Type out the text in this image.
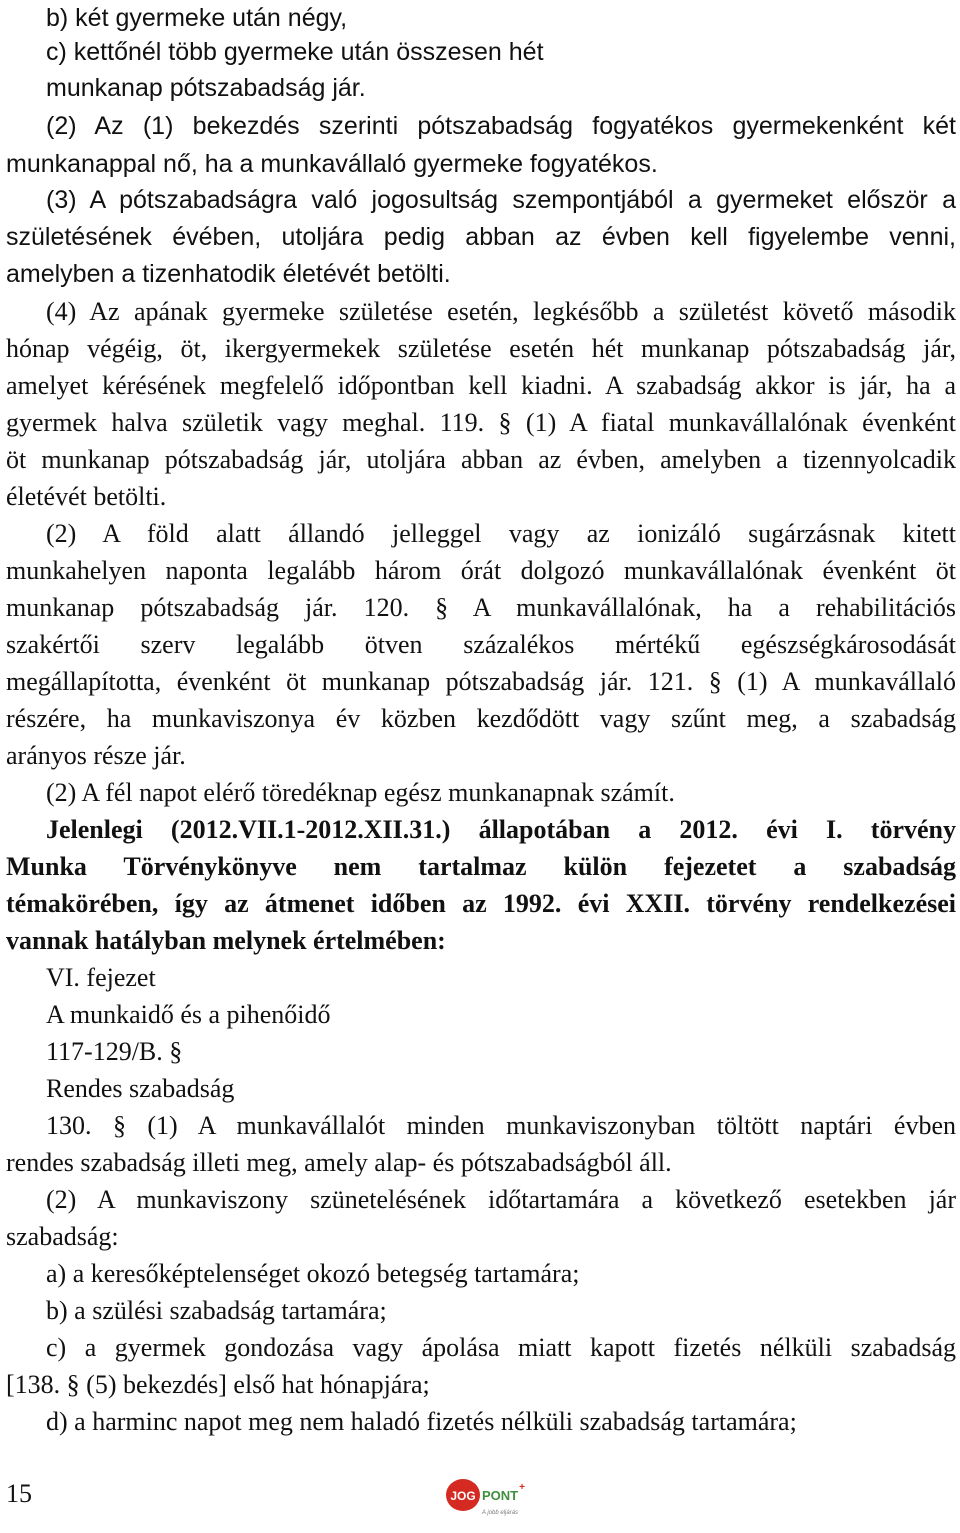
b) két gyermeke után négy,
c) kettőnél több gyermeke után összesen hét
munkanap pótszabadság jár.
(2) Az (1) bekezdés szerinti pótszabadság fogyatékos gyermekenként két
munkanappal nő, ha a munkavállaló gyermeke fogyatékos.
(3) A pótszabadságra való jogosultság szempontjából a gyermeket először a
születésének évében, utoljára pedig abban az évben kell figyelembe venni,
amelyben a tizenhatodik életévét betölti.
(4) Az apának gyermeke születése esetén, legkésőbb a születést követő második
hónap végéig, öt, ikergyermekek születése esetén hét munkanap pótszabadság jár,
amelyet kérésének megfelelő időpontban kell kiadni. A szabadság akkor is jár, ha a
gyermek halva születik vagy meghal. 119. § (1) A fiatal munkavállalónak évenként
öt munkanap pótszabadság jár, utoljára abban az évben, amelyben a tizennyolcadik
életévét betölti.
(2) A föld alatt állandó jelleggel vagy az ionizáló sugárzásnak kitett
munkahelyen naponta legalább három órát dolgozó munkavállalónak évenként öt
munkanap pótszabadság jár. 120. § A munkavállalónak, ha a rehabilitációs
szakértői szerv legalább ötven százalékos mértékű egészségkárosodását
megállapította, évenként öt munkanap pótszabadság jár. 121. § (1) A munkavállaló
részére, ha munkaviszonya év közben kezdődött vagy szűnt meg, a szabadság
arányos része jár.
(2) A fél napot elérő töredéknap egész munkanapnak számít.
Jelenlegi (2012.VII.1-2012.XII.31.) állapotában a 2012. évi I. törvény
Munka Törvénykönyve nem tartalmaz külön fejezetet a szabadság
témakörében, így az átmenet időben az 1992. évi XXII. törvény rendelkezései
vannak hatályban melynek értelmében:
VI. fejezet
A munkaidő és a pihenőidő
117-129/B. §
Rendes szabadság
130. § (1) A munkavállalót minden munkaviszonyban töltött naptári évben
rendes szabadság illeti meg, amely alap- és pótszabadságból áll.
(2) A munkaviszony szünetelésének időtartamára a következő esetekben jár
szabadság:
a) a keresőképtelenséget okozó betegség tartamára;
b) a szülési szabadság tartamára;
c) a gyermek gondozása vagy ápolása miatt kapott fizetés nélküli szabadság
[138. § (5) bekezdés] első hat hónapjára;
d) a harminc napot meg nem haladó fizetés nélküli szabadság tartamára;
15	JOG PONT
+
A jobb eljárás
